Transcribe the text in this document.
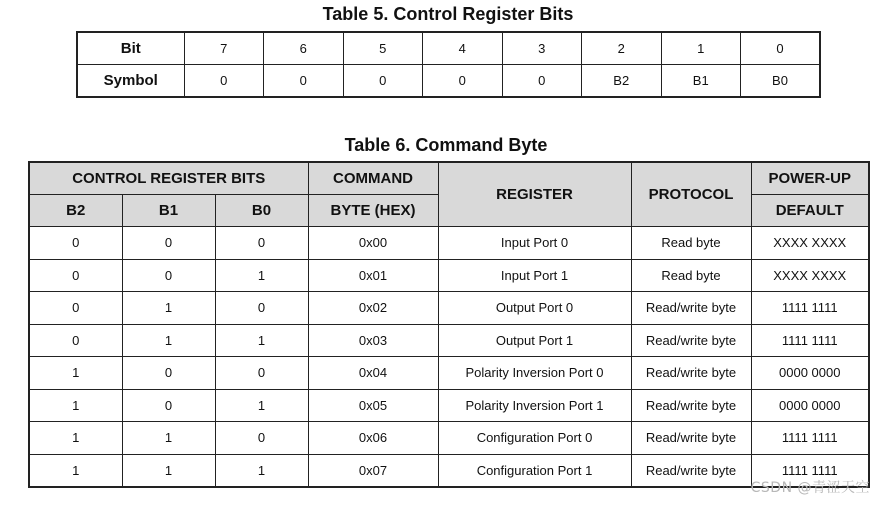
Table 5. Control Register Bits
Bit	7	6	5	4	3	2	1	0
Symbol	0	0	0	0	0	B2	B1	B0
Table 6. Command Byte
CONTROL REGISTER BITS			COMMAND	REGISTER	PROTOCOL	POWER-UP
B2	B1	B0	BYTE (HEX)			DEFAULT
0	0	0	0x00	Input Port 0	Read byte	XXXX XXXX
0	0	1	0x01	Input Port 1	Read byte	XXXX XXXX
0	1	0	0x02	Output Port 0	Read/write byte	1111 1111
0	1	1	0x03	Output Port 1	Read/write byte	1111 1111
1	0	0	0x04	Polarity Inversion Port 0	Read/write byte	0000 0000
1	0	1	0x05	Polarity Inversion Port 1	Read/write byte	0000 0000
1	1	0	0x06	Configuration Port 0	Read/write byte	1111 1111
1	1	1	0x07	Configuration Port 1	Read/write byte	1111 1111
CSDN @青涩天空
